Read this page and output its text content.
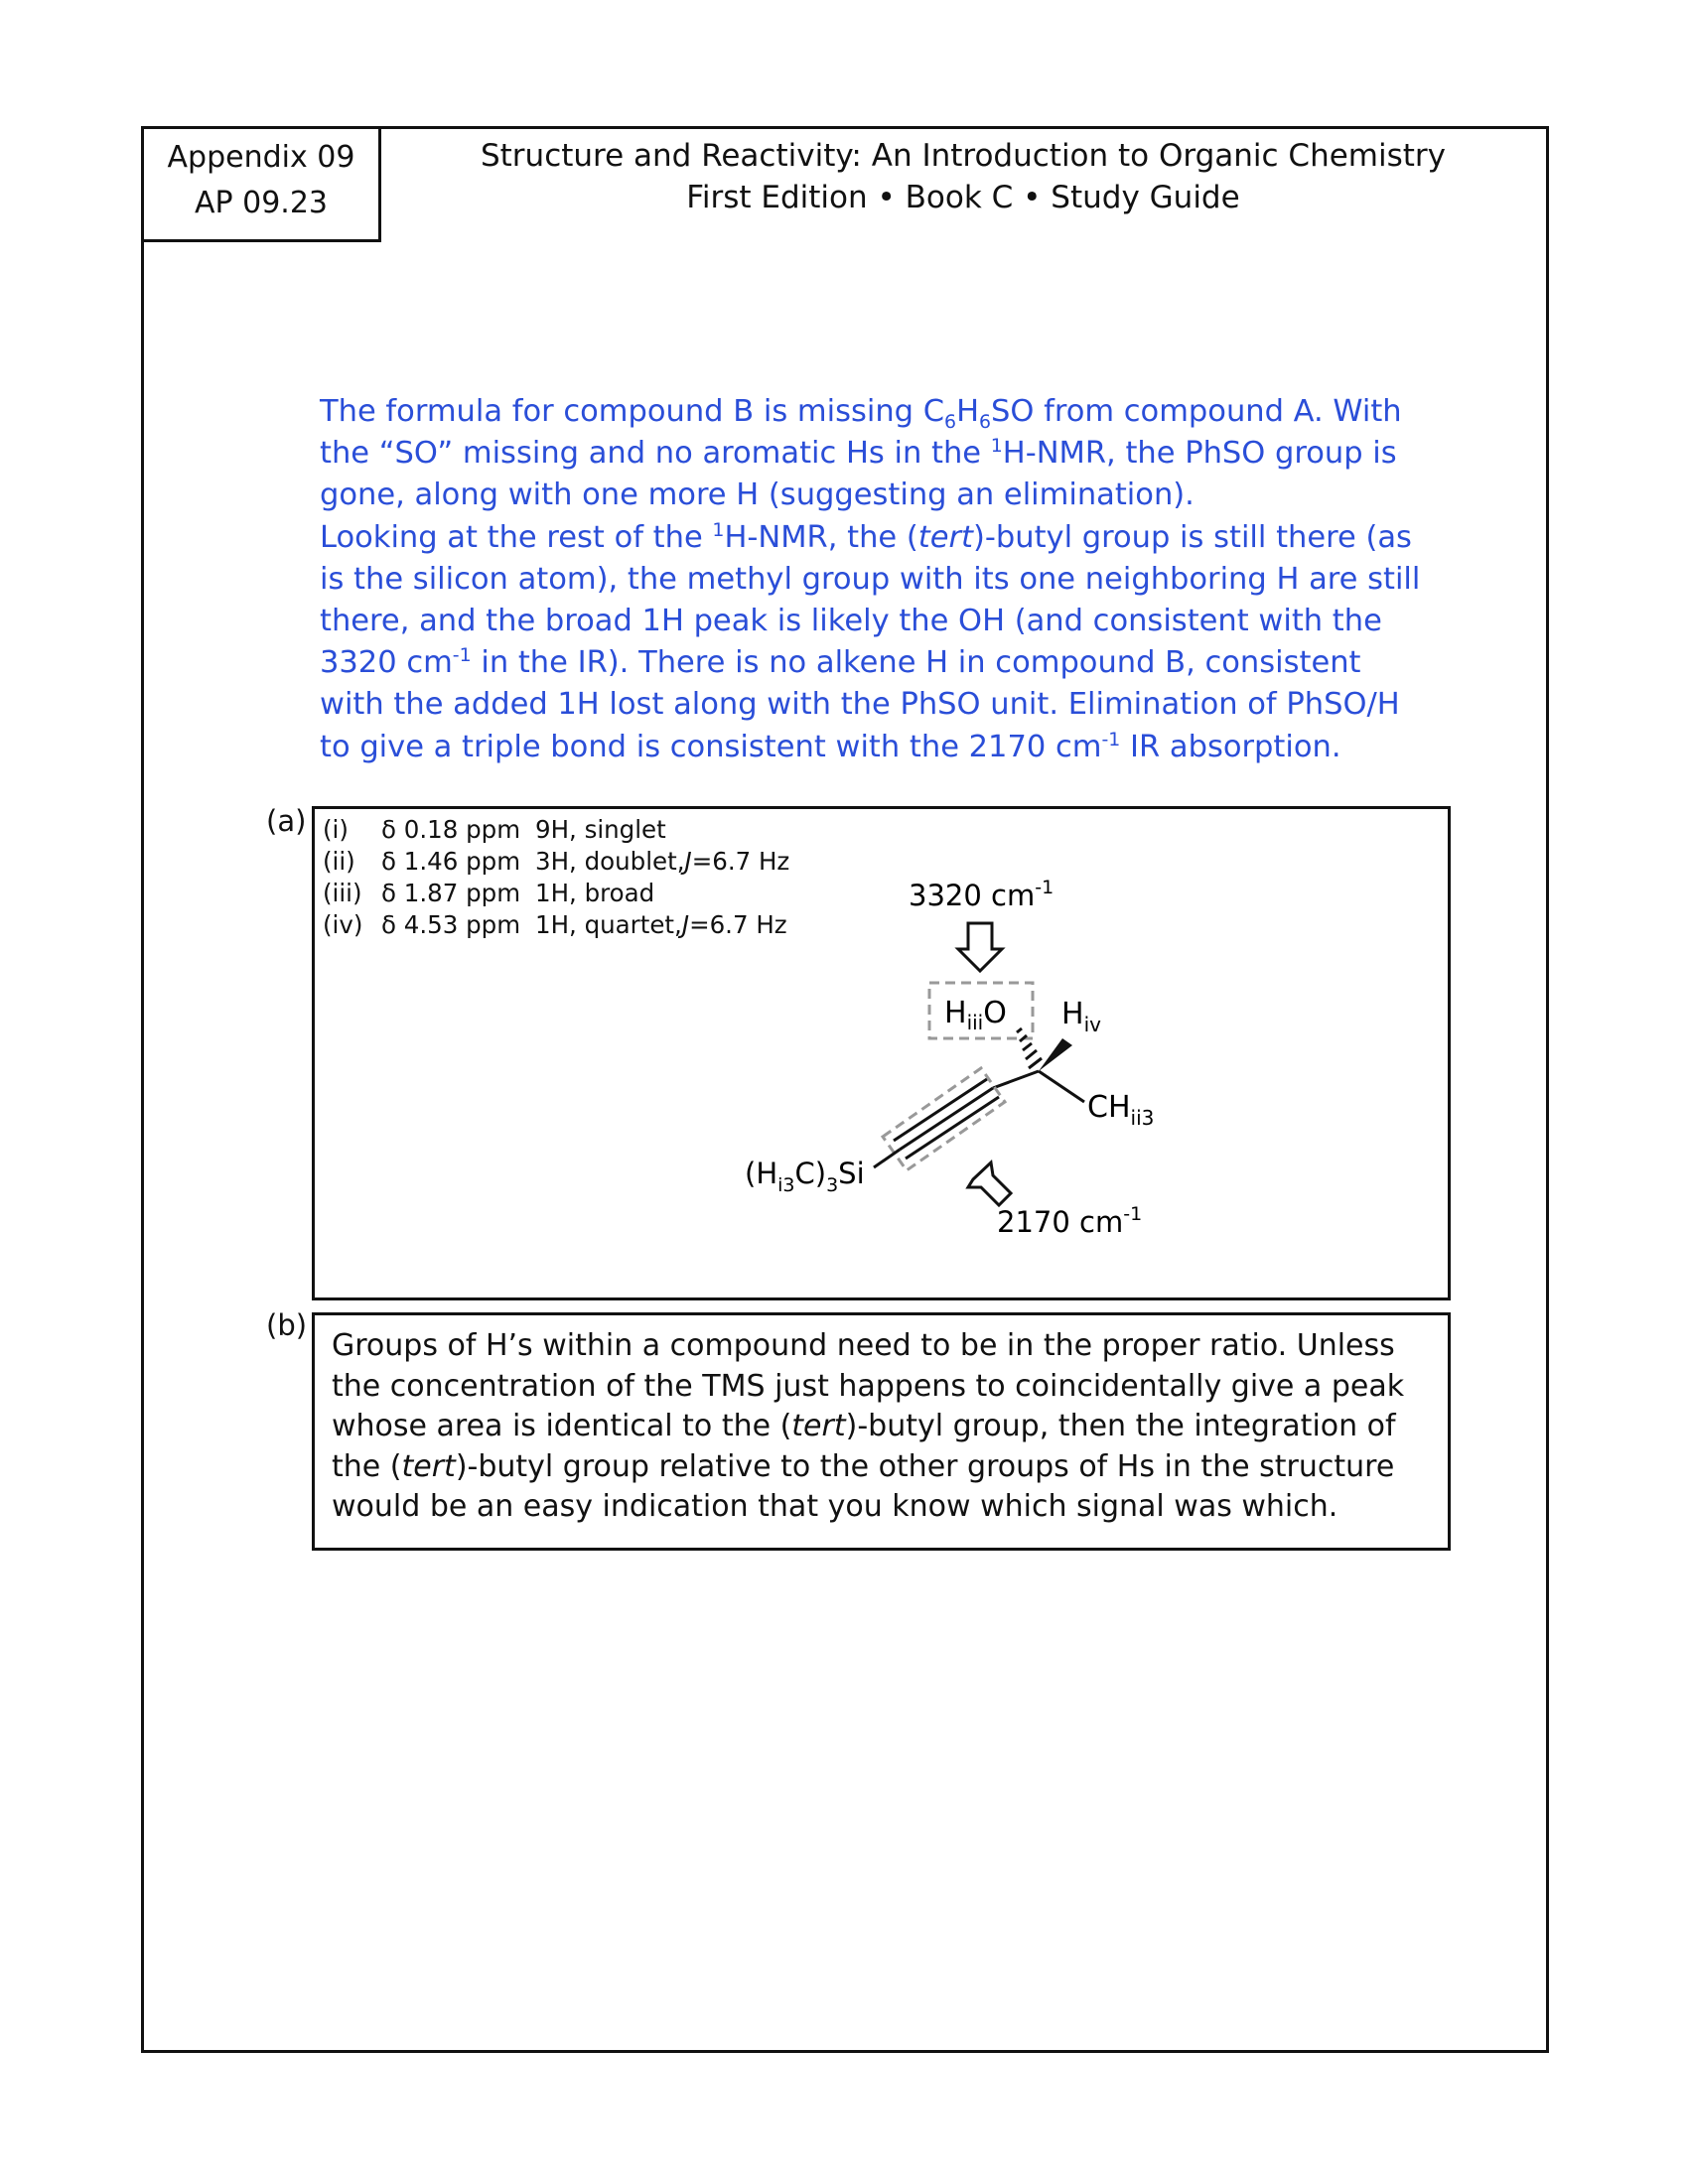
Appendix 09
AP 09.23
Structure and Reactivity: An Introduction to Organic Chemistry
First Edition • Book C • Study Guide

The formula for compound B is missing $C_6H_6SO$ from compound A. With the “SO” missing and no aromatic Hs in the $^1$H-NMR, the PhSO group is gone, along with one more H (suggesting an elimination).

Looking at the rest of the $^1$H-NMR, the (tert)-butyl group is still there (as is the silicon atom), the methyl group with its one neighboring H are still there, and the broad 1H peak is likely the OH (and consistent with the 3320 $cm^{-1}$ in the IR). There is no alkene H in compound B, consistent with the added 1H lost along with the PhSO unit. Elimination of PhSO/H to give a triple bond is consistent with the 2170 $cm^{-1}$ IR absorption.

(a) (i)	δ 0.18 ppm 9H, singlet
(ii)	δ 1.46 ppm 3H, doublet, J =6.7 Hz
(iii) δ 1.87 ppm 1H, broad
(iv) δ 4.53 ppm 1H, quartet, J =6.7 Hz
3320 $cm^{-1}$
$H_{iii}O$ $H_{iv}$
$CH_{ii3}$
$(H_{i3}C)_3Si$
2170 $cm^{-1}$
(b)

Groups of H’s within a compound need to be in the proper ratio. Unless the concentration of the TMS just happens to coincidentally give a peak whose area is identical to the (tert)-butyl group, then the integration of the (tert)-butyl group relative to the other groups of Hs in the structure would be an easy indication that you know which signal was which.
